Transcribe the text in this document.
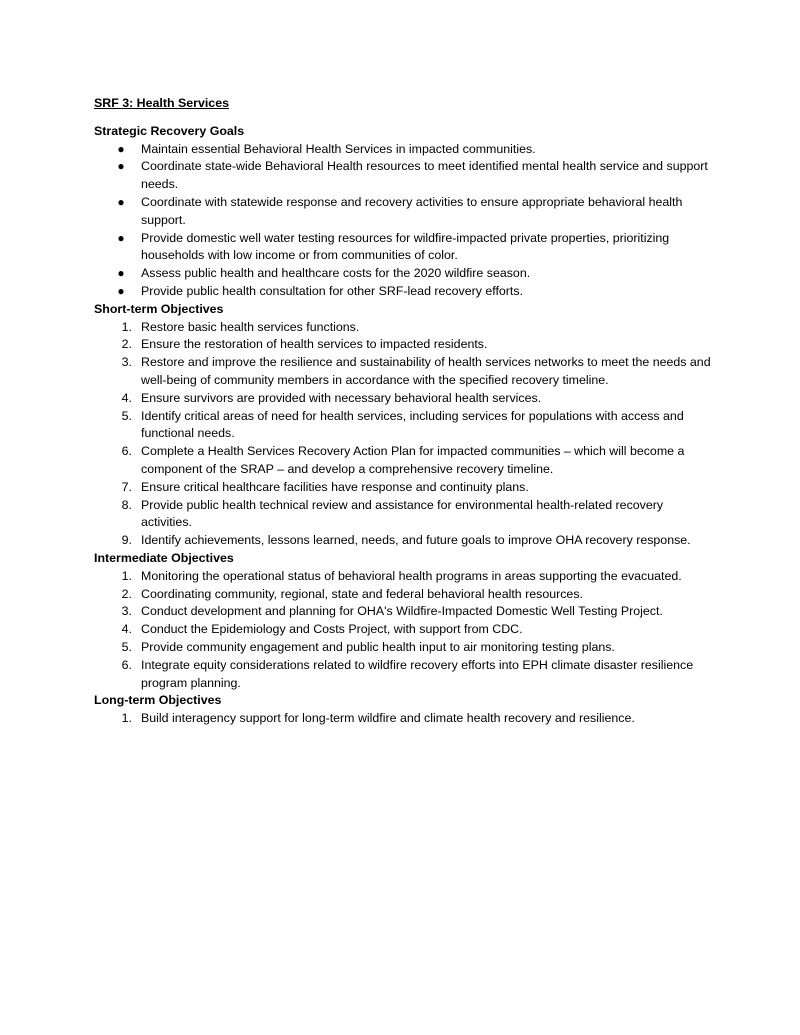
SRF 3: Health Services
Strategic Recovery Goals
● Maintain essential Behavioral Health Services in impacted communities.
● Coordinate state-wide Behavioral Health resources to meet identified mental health service and support needs.
● Coordinate with statewide response and recovery activities to ensure appropriate behavioral health support.
● Provide domestic well water testing resources for wildfire-impacted private properties, prioritizing households with low income or from communities of color.
● Assess public health and healthcare costs for the 2020 wildfire season.
● Provide public health consultation for other SRF-lead recovery efforts.
Short-term Objectives
1. Restore basic health services functions.
2. Ensure the restoration of health services to impacted residents.
3. Restore and improve the resilience and sustainability of health services networks to meet the needs and well-being of community members in accordance with the specified recovery timeline.
4. Ensure survivors are provided with necessary behavioral health services.
5. Identify critical areas of need for health services, including services for populations with access and functional needs.
6. Complete a Health Services Recovery Action Plan for impacted communities – which will become a component of the SRAP – and develop a comprehensive recovery timeline.
7. Ensure critical healthcare facilities have response and continuity plans.
8. Provide public health technical review and assistance for environmental health-related recovery activities.
9. Identify achievements, lessons learned, needs, and future goals to improve OHA recovery response.
Intermediate Objectives
1. Monitoring the operational status of behavioral health programs in areas supporting the evacuated.
2. Coordinating community, regional, state and federal behavioral health resources.
3. Conduct development and planning for OHA's Wildfire-Impacted Domestic Well Testing Project.
4. Conduct the Epidemiology and Costs Project, with support from CDC.
5. Provide community engagement and public health input to air monitoring testing plans.
6. Integrate equity considerations related to wildfire recovery efforts into EPH climate disaster resilience program planning.
Long-term Objectives
1. Build interagency support for long-term wildfire and climate health recovery and resilience.
